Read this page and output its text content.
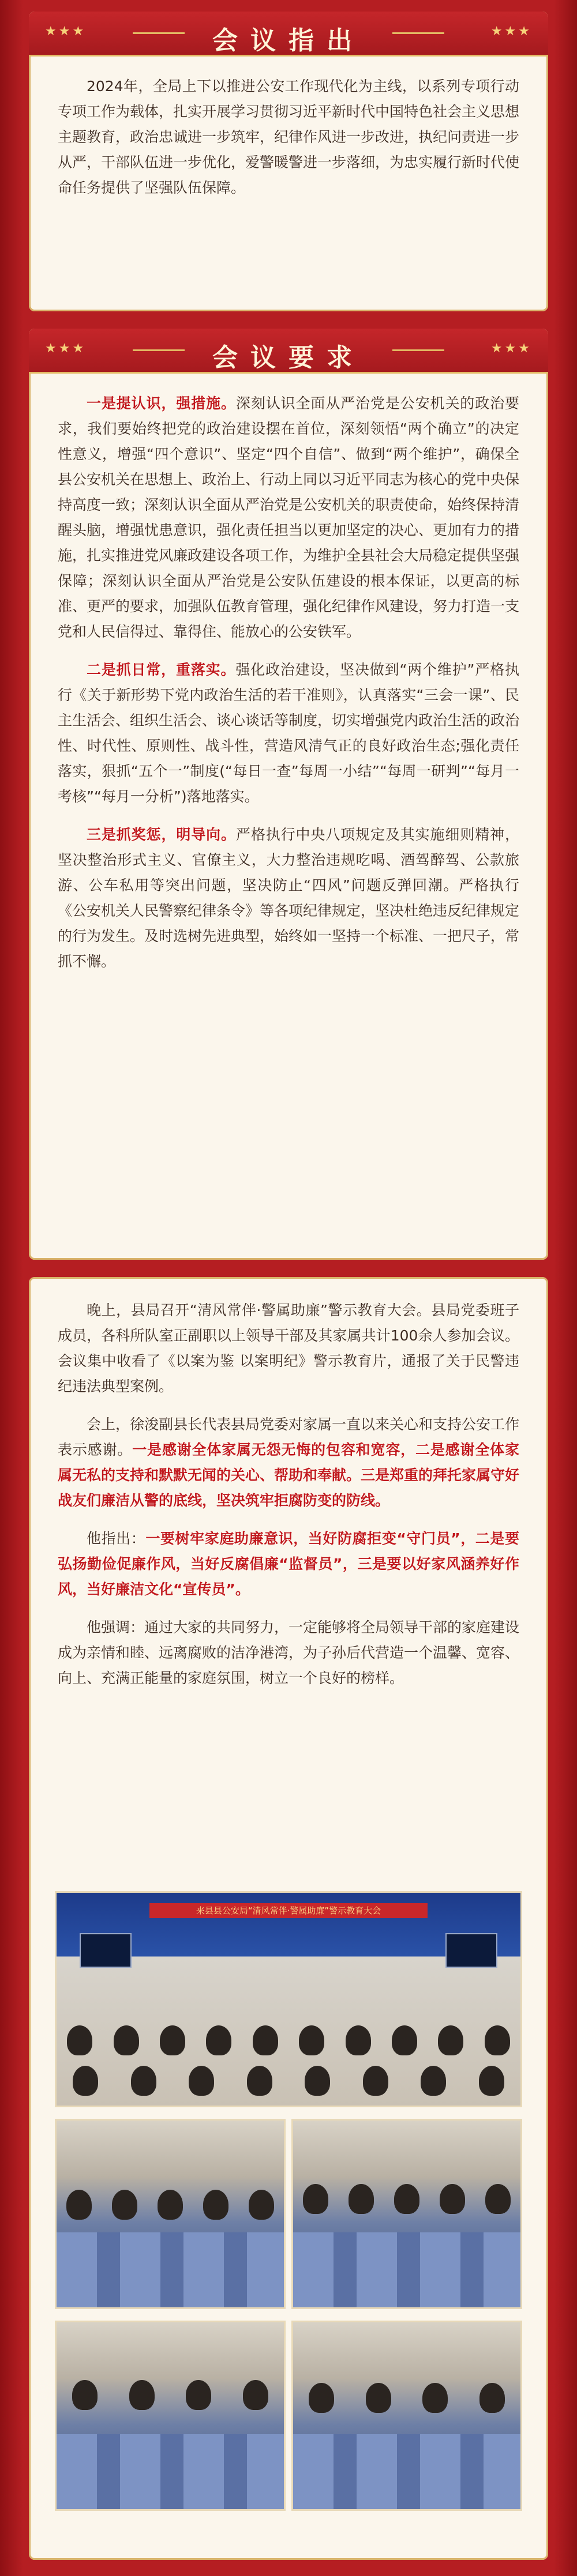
★★★	会议指出	★★★

2024年，全局上下以推进公安工作现代化为主线，以系列专项行动专项工作为载体，扎实开展学习贯彻习近平新时代中国特色社会主义思想主题教育，政治忠诚进一步筑牢，纪律作风进一步改进，执纪问责进一步从严，干部队伍进一步优化，爱警暖警进一步落细，为忠实履行新时代使命任务提供了坚强队伍保障。

★★★	会议要求	★★★

一是提认识，强措施。深刻认识全面从严治党是公安机关的政治要求，我们要始终把党的政治建设摆在首位，深刻领悟“两个确立”的决定性意义，增强“四个意识”、坚定“四个自信”、做到“两个维护”，确保全县公安机关在思想上、政治上、行动上同以习近平同志为核心的党中央保持高度一致；深刻认识全面从严治党是公安机关的职责使命，始终保持清醒头脑，增强忧患意识，强化责任担当以更加坚定的决心、更加有力的措施，扎实推进党风廉政建设各项工作，为维护全县社会大局稳定提供坚强保障；深刻认识全面从严治党是公安队伍建设的根本保证，以更高的标准、更严的要求，加强队伍教育管理，强化纪律作风建设，努力打造一支党和人民信得过、靠得住、能放心的公安铁军。

二是抓日常，重落实。强化政治建设，坚决做到“两个维护”严格执行《关于新形势下党内政治生活的若干准则》，认真落实“三会一课”、民主生活会、组织生活会、谈心谈话等制度，切实增强党内政治生活的政治性、时代性、原则性、战斗性，营造风清气正的良好政治生态;强化责任落实，狠抓“五个一”制度(“每日一查”每周一小结”“每周一研判”“每月一考核”“每月一分析”)落地落实。

三是抓奖惩，明导向。严格执行中央八项规定及其实施细则精神，坚决整治形式主义、官僚主义，大力整治违规吃喝、酒驾醉驾、公款旅游、公车私用等突出问题，坚决防止“四风”问题反弹回潮。严格执行《公安机关人民警察纪律条令》等各项纪律规定，坚决杜绝违反纪律规定的行为发生。及时选树先进典型，始终如一坚持一个标准、一把尺子，常抓不懈。

晚上，县局召开“清风常伴·警属助廉”警示教育大会。县局党委班子成员，各科所队室正副职以上领导干部及其家属共计100余人参加会议。会议集中收看了《以案为鉴 以案明纪》警示教育片，通报了关于民警违纪违法典型案例。

会上，徐浚副县长代表县局党委对家属一直以来关心和支持公安工作表示感谢。一是感谢全体家属无怨无悔的包容和宽容，二是感谢全体家属无私的支持和默默无闻的关心、帮助和奉献。三是郑重的拜托家属守好战友们廉洁从警的底线，坚决筑牢拒腐防变的防线。

他指出：一要树牢家庭助廉意识，当好防腐拒变“守门员”，二是要弘扬勤俭促廉作风，当好反腐倡廉“监督员”，三是要以好家风涵养好作风，当好廉洁文化“宣传员”。

他强调：通过大家的共同努力，一定能够将全局领导干部的家庭建设成为亲情和睦、远离腐败的洁净港湾，为子孙后代营造一个温馨、宽容、向上、充满正能量的家庭氛围，树立一个良好的榜样。

来县县公安局“清风常伴·警属助廉”警示教育大会
